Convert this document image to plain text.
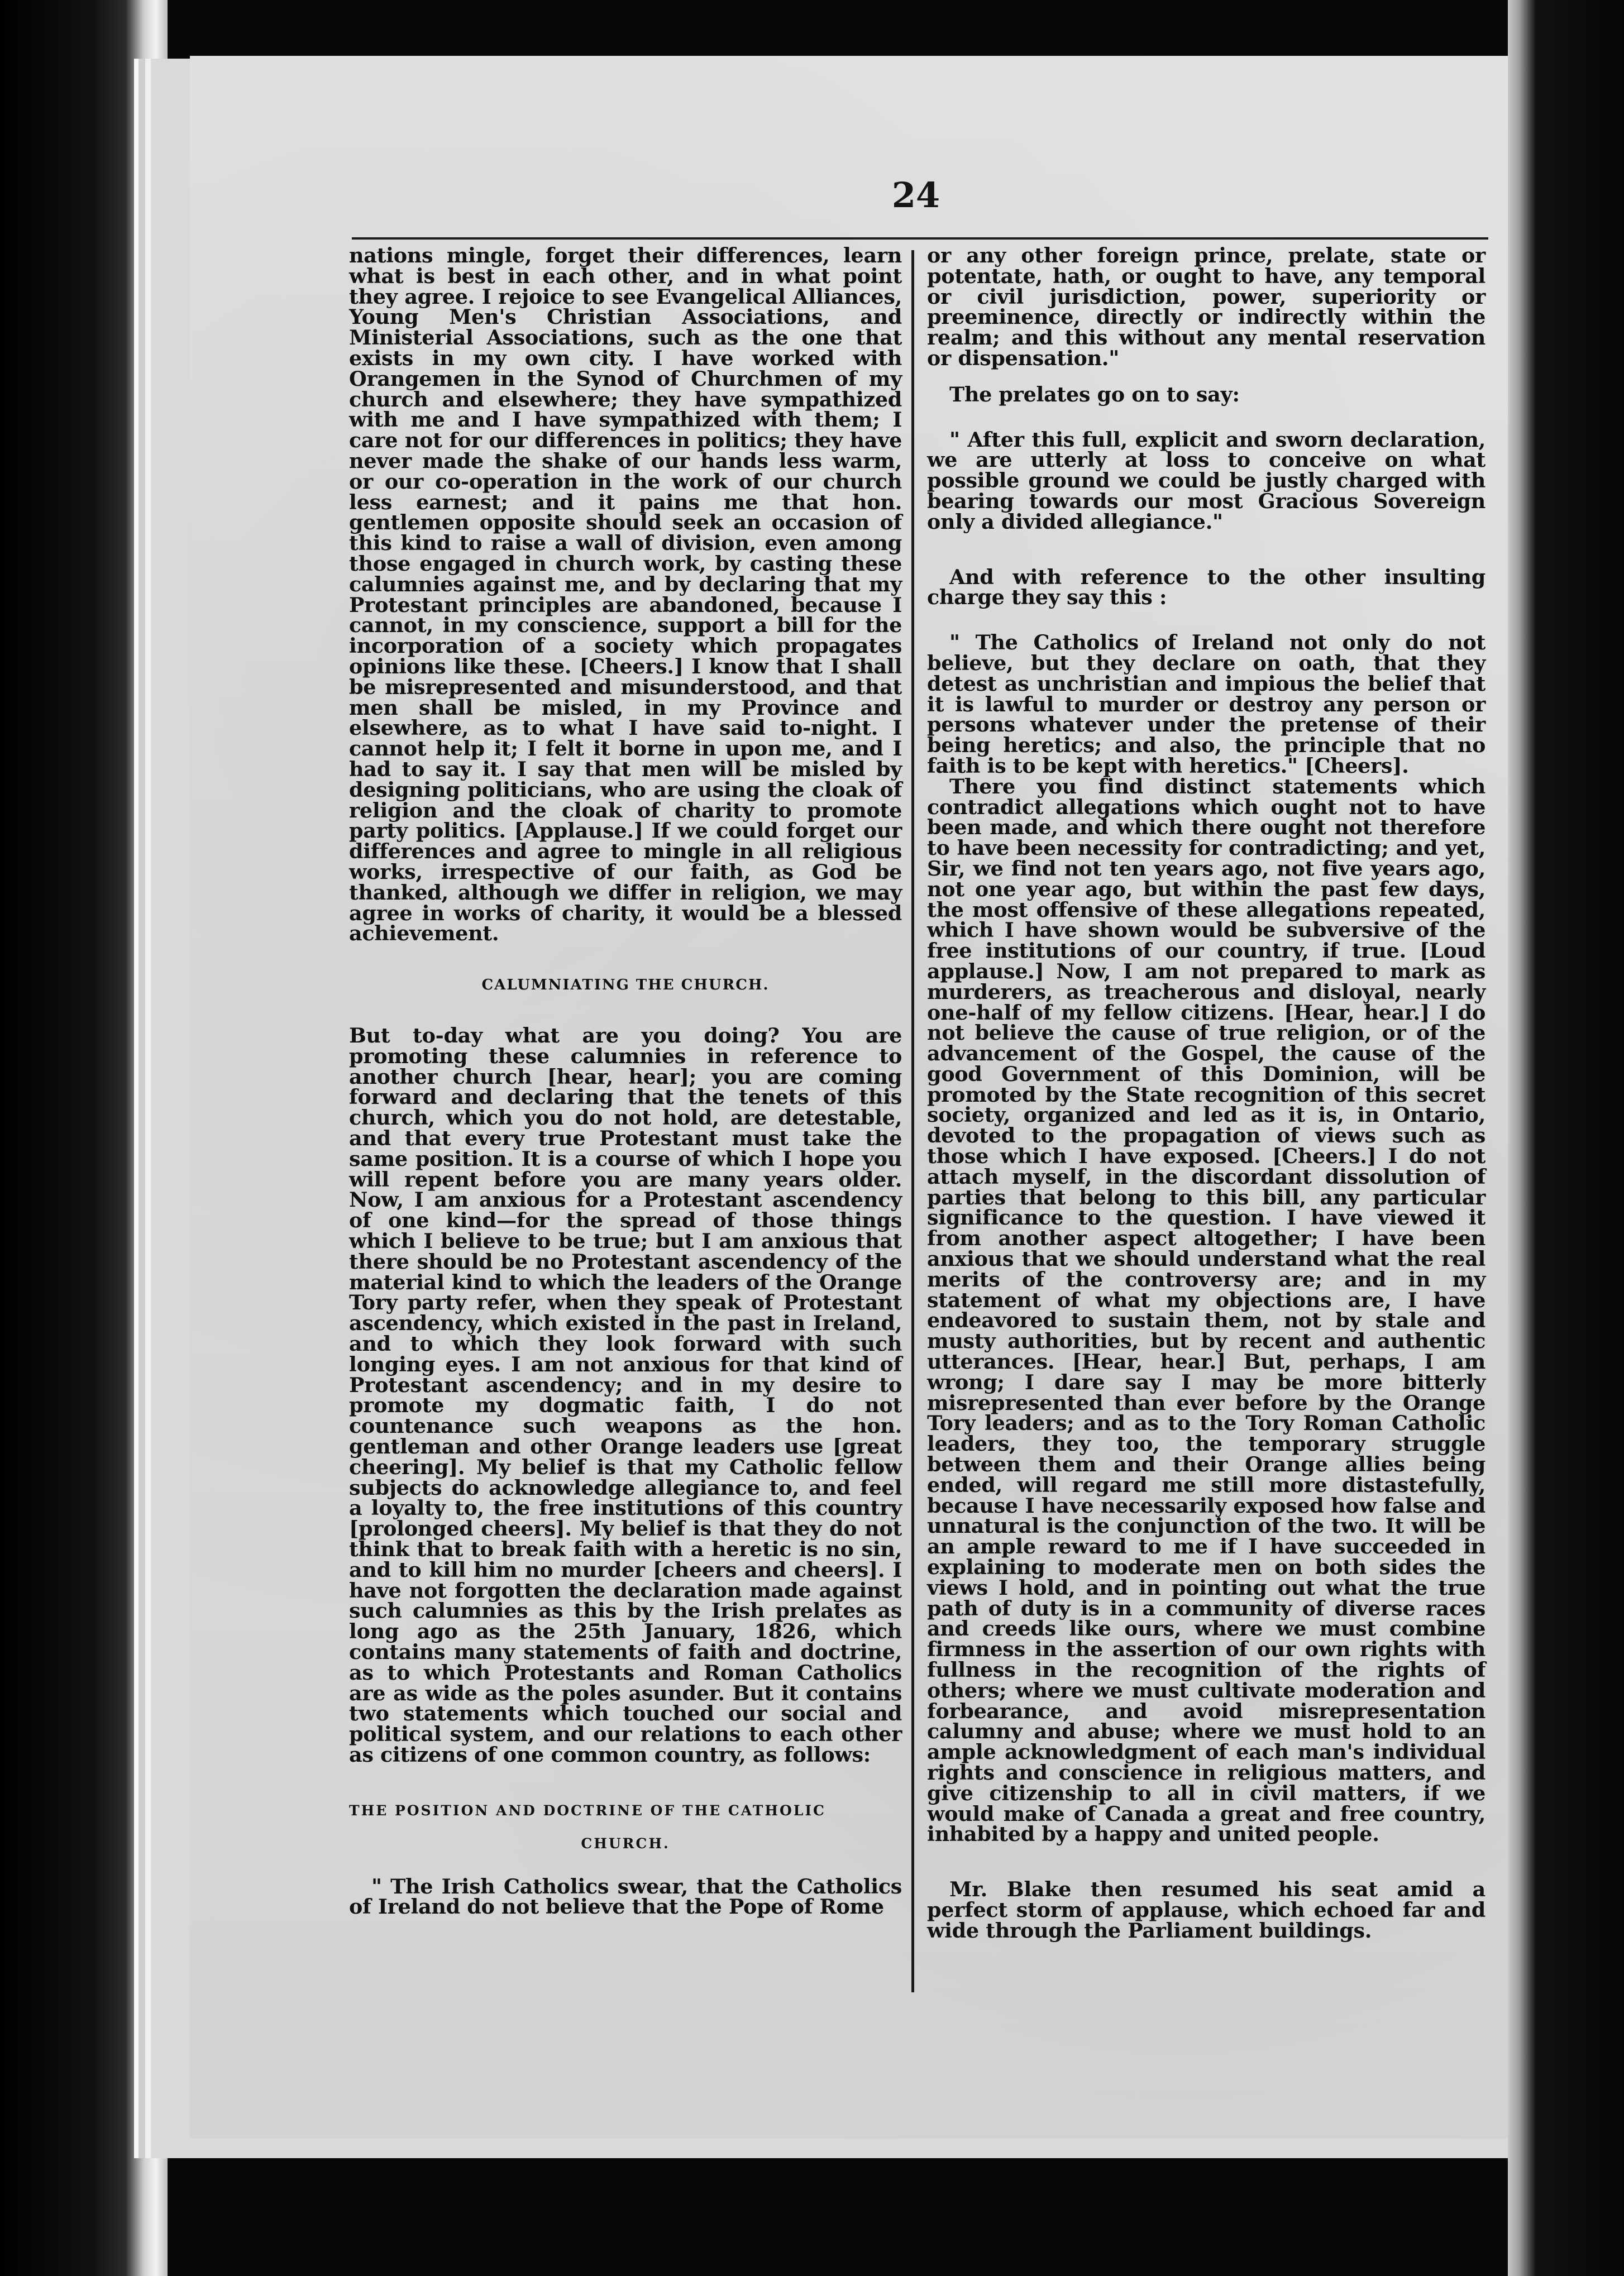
24

nations mingle, forget their differences, learn what is best in each other, and in what point they agree. I rejoice to see Evangelical Alliances, Young Men's Christian Associations, and Ministerial Associations, such as the one that exists in my own city. I have worked with Orangemen in the Synod of Churchmen of my church and elsewhere; they have sympathized with me and I have sympathized with them; I care not for our differences in politics; they have never made the shake of our hands less warm, or our co-operation in the work of our church less earnest; and it pains me that hon. gentlemen opposite should seek an occasion of this kind to raise a wall of division, even among those engaged in church work, by casting these calumnies against me, and by declaring that my Protestant principles are abandoned, because I cannot, in my conscience, support a bill for the incorporation of a society which propagates opinions like these. [Cheers.] I know that I shall be misrepresented and misunderstood, and that men shall be misled, in my Province and elsewhere, as to what I have said to-night. I cannot help it; I felt it borne in upon me, and I had to say it. I say that men will be misled by designing politicians, who are using the cloak of religion and the cloak of charity to promote party politics. [Applause.] If we could forget our differences and agree to mingle in all religious works, irrespective of our faith, as God be thanked, although we differ in religion, we may agree in works of charity, it would be a blessed achievement.

CALUMNIATING THE CHURCH.

But to-day what are you doing? You are promoting these calumnies in reference to another church [hear, hear]; you are coming forward and declaring that the tenets of this church, which you do not hold, are detestable, and that every true Protestant must take the same position. It is a course of which I hope you will repent before you are many years older. Now, I am anxious for a Protestant ascendency of one kind—for the spread of those things which I believe to be true; but I am anxious that there should be no Protestant ascendency of the material kind to which the leaders of the Orange Tory party refer, when they speak of Protestant ascendency, which existed in the past in Ireland, and to which they look forward with such longing eyes. I am not anxious for that kind of Protestant ascendency; and in my desire to promote my dogmatic faith, I do not countenance such weapons as the hon. gentleman and other Orange leaders use [great cheering]. My belief is that my Catholic fellow subjects do acknowledge allegiance to, and feel a loyalty to, the free institutions of this country [prolonged cheers]. My belief is that they do not think that to break faith with a heretic is no sin, and to kill him no murder [cheers and cheers]. I have not forgotten the declaration made against such calumnies as this by the Irish prelates as long ago as the 25th January, 1826, which contains many statements of faith and doctrine, as to which Protestants and Roman Catholics are as wide as the poles asunder. But it contains two statements which touched our social and political system, and our relations to each other as citizens of one common country, as follows:

THE POSITION AND DOCTRINE OF THE CATHOLIC
CHURCH.

" The Irish Catholics swear, that the Catholics of Ireland do not believe that the Pope of Rome

or any other foreign prince, prelate, state or potentate, hath, or ought to have, any temporal or civil jurisdiction, power, superiority or preeminence, directly or indirectly within the realm; and this without any mental reservation or dispensation."

The prelates go on to say:

" After this full, explicit and sworn declaration, we are utterly at loss to conceive on what possible ground we could be justly charged with bearing towards our most Gracious Sovereign only a divided allegiance."

And with reference to the other insulting charge they say this :

" The Catholics of Ireland not only do not believe, but they declare on oath, that they detest as unchristian and impious the belief that it is lawful to murder or destroy any person or persons whatever under the pretense of their being heretics; and also, the principle that no faith is to be kept with heretics." [Cheers].

There you find distinct statements which contradict allegations which ought not to have been made, and which there ought not therefore to have been necessity for contradicting; and yet, Sir, we find not ten years ago, not five years ago, not one year ago, but within the past few days, the most offensive of these allegations repeated, which I have shown would be subversive of the free institutions of our country, if true. [Loud applause.] Now, I am not prepared to mark as murderers, as treacherous and disloyal, nearly one-half of my fellow citizens. [Hear, hear.] I do not believe the cause of true religion, or of the advancement of the Gospel, the cause of the good Government of this Dominion, will be promoted by the State recognition of this secret society, organized and led as it is, in Ontario, devoted to the propagation of views such as those which I have exposed. [Cheers.] I do not attach myself, in the discordant dissolution of parties that belong to this bill, any particular significance to the question. I have viewed it from another aspect altogether; I have been anxious that we should understand what the real merits of the controversy are; and in my statement of what my objections are, I have endeavored to sustain them, not by stale and musty authorities, but by recent and authentic utterances. [Hear, hear.] But, perhaps, I am wrong; I dare say I may be more bitterly misrepresented than ever before by the Orange Tory leaders; and as to the Tory Roman Catholic leaders, they too, the temporary struggle between them and their Orange allies being ended, will regard me still more distastefully, because I have necessarily exposed how false and unnatural is the conjunction of the two. It will be an ample reward to me if I have succeeded in explaining to moderate men on both sides the views I hold, and in pointing out what the true path of duty is in a community of diverse races and creeds like ours, where we must combine firmness in the assertion of our own rights with fullness in the recognition of the rights of others; where we must cultivate moderation and forbearance, and avoid misrepresentation calumny and abuse; where we must hold to an ample acknowledgment of each man's individual rights and conscience in religious matters, and give citizenship to all in civil matters, if we would make of Canada a great and free country, inhabited by a happy and united people.

Mr. Blake then resumed his seat amid a perfect storm of applause, which echoed far and wide through the Parliament buildings.
